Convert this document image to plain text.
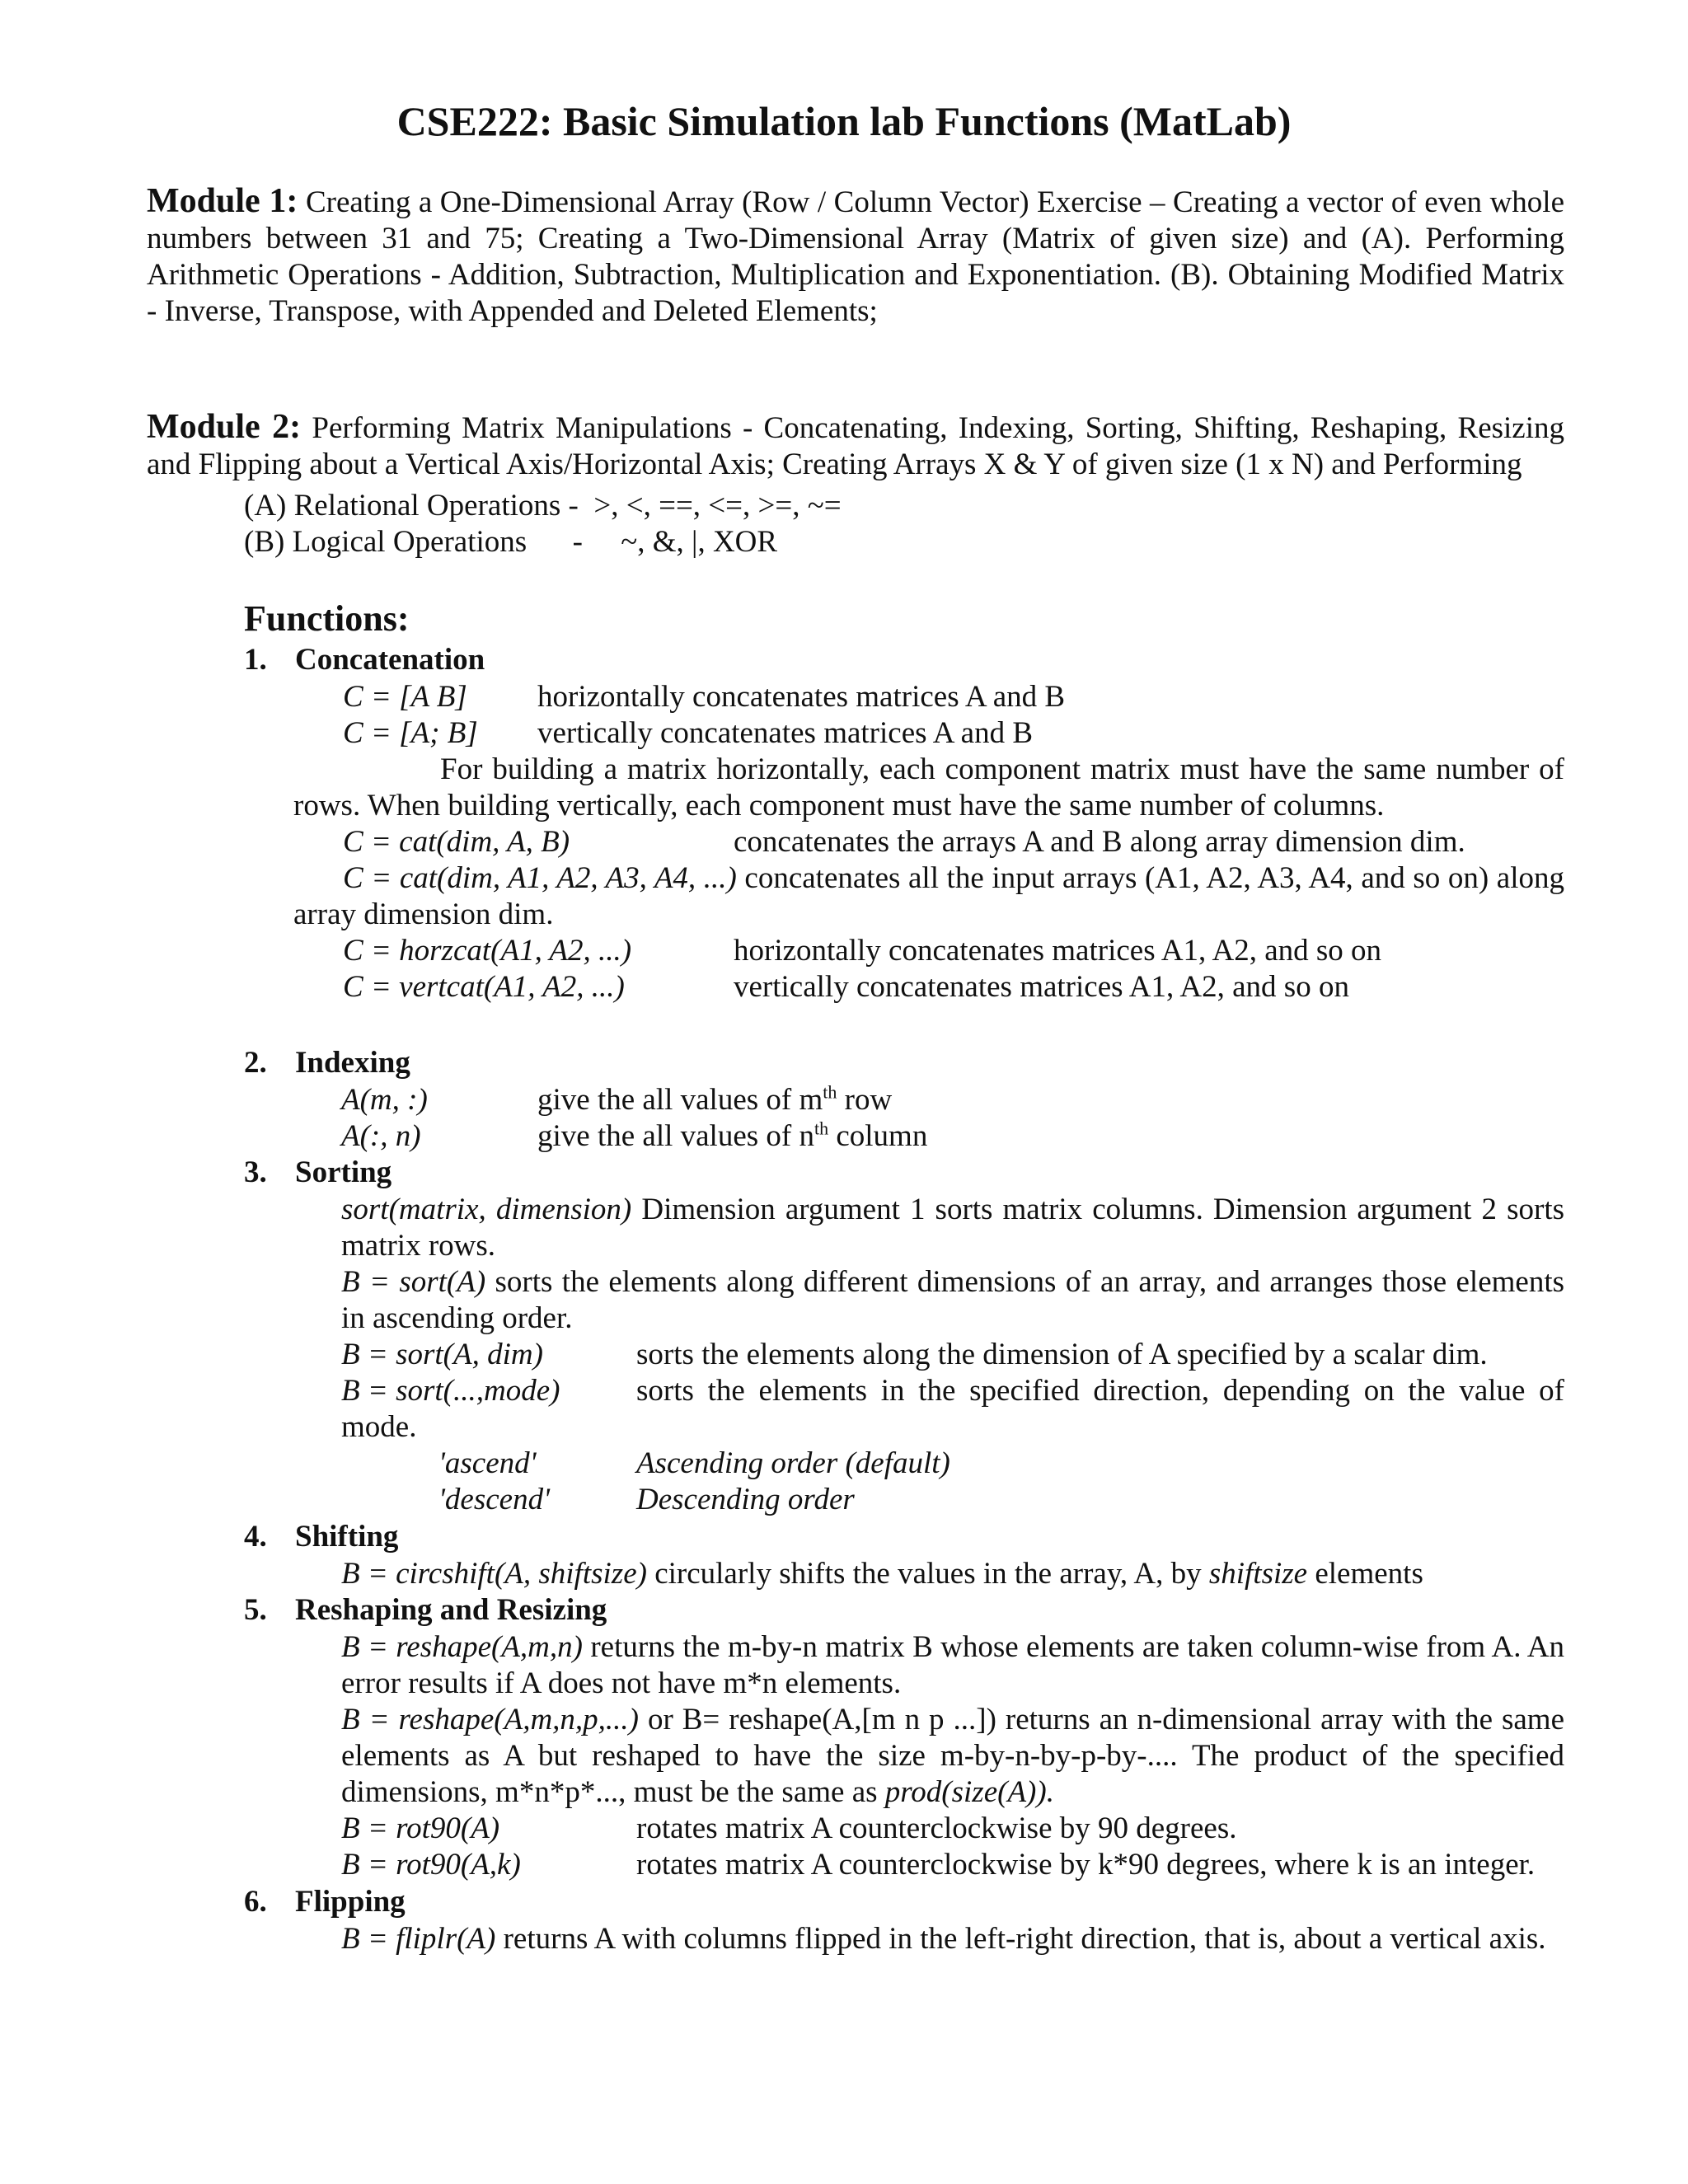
CSE222: Basic Simulation lab Functions (MatLab)
Module 1: Creating a One-Dimensional Array (Row / Column Vector) Exercise – Creating a vector of even whole numbers between 31 and 75; Creating a Two-Dimensional Array (Matrix of given size) and (A). Performing Arithmetic Operations - Addition, Subtraction, Multiplication and Exponentiation. (B). Obtaining Modified Matrix - Inverse, Transpose, with Appended and Deleted Elements;
Module 2: Performing Matrix Manipulations - Concatenating, Indexing, Sorting, Shifting, Reshaping, Resizing and Flipping about a Vertical Axis/Horizontal Axis; Creating Arrays X & Y of given size (1 x N) and Performing
(A) Relational Operations -  >, <, ==, <=, >=, ~=
(B) Logical Operations      -     ~, &, |, XOR
Functions:
1. Concatenation
C = [A B] horizontally concatenates matrices A and B
C = [A; B] vertically concatenates matrices A and B
For building a matrix horizontally, each component matrix must have the same number of rows. When building vertically, each component must have the same number of columns.
C = cat(dim, A, B)	concatenates the arrays A and B along array dimension dim.
C = cat(dim, A1, A2, A3, A4, ...) concatenates all the input arrays (A1, A2, A3, A4, and so on) along array dimension dim.
C = horzcat(A1, A2, ...)	horizontally concatenates matrices A1, A2, and so on
C = vertcat(A1, A2, ...)	vertically concatenates matrices A1, A2, and so on
2. Indexing
A(m, :)	give the all values of $m^{th}$ row
A(:, n)	give the all values of $n^{th}$ column
3. Sorting
sort(matrix, dimension) Dimension argument 1 sorts matrix columns. Dimension argument 2 sorts matrix rows.
B = sort(A) sorts the elements along different dimensions of an array, and arranges those elements in ascending order.
B = sort(A, dim)	sorts the elements along the dimension of A specified by a scalar dim.
B = sort(...,mode)	sorts the elements in the specified direction, depending on the value of mode.
'ascend'	Ascending order (default)
'descend'	Descending order
4. Shifting
B = circshift(A, shiftsize) circularly shifts the values in the array, A, by shiftsize elements
5. Reshaping and Resizing
B = reshape(A,m,n) returns the m-by-n matrix B whose elements are taken column-wise from A. An error results if A does not have m*n elements.
B = reshape(A,m,n,p,...) or B= reshape(A,[m n p ...]) returns an n-dimensional array with the same elements as A but reshaped to have the size m-by-n-by-p-by-.... The product of the specified dimensions, m*n*p*..., must be the same as prod(size(A)).
B = rot90(A)	rotates matrix A counterclockwise by 90 degrees.
B = rot90(A,k)	rotates matrix A counterclockwise by k*90 degrees, where k is an integer.
6. Flipping
B = fliplr(A) returns A with columns flipped in the left-right direction, that is, about a vertical axis.
